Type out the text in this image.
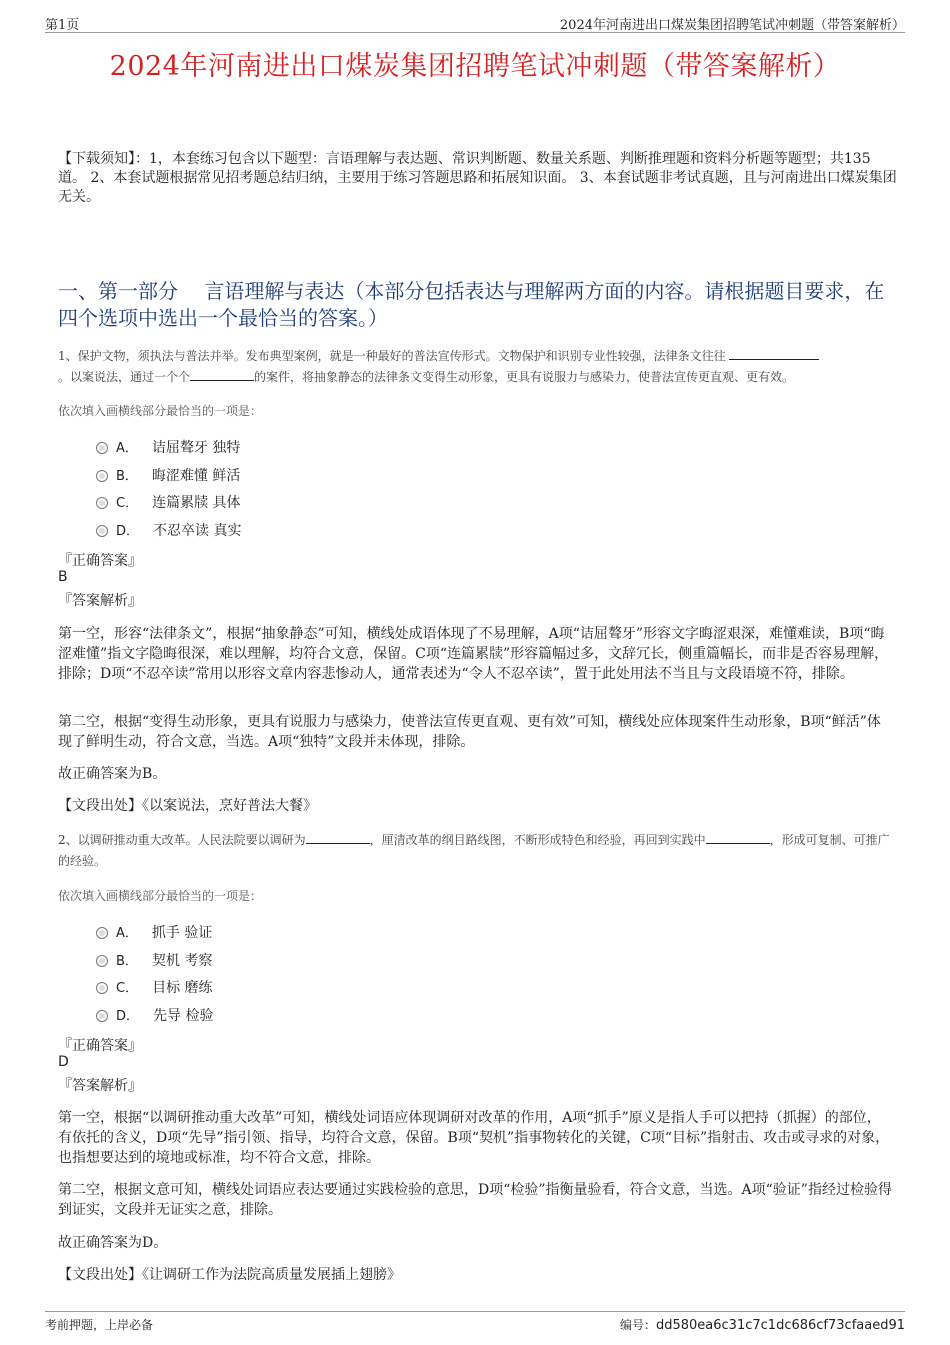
第1页	2024年河南进出口煤炭集团招聘笔试冲刺题（带答案解析）
2024年河南进出口煤炭集团招聘笔试冲刺题（带答案解析）
【下载须知】：1，本套练习包含以下题型：言语理解与表达题、常识判断题、数量关系题、判断推理题和资料分析题等题型；共135道。 2、本套试题根据常见招考题总结归纳，主要用于练习答题思路和拓展知识面。 3、本套试题非考试真题，且与河南进出口煤炭集团无关。
一、第一部分　 言语理解与表达（本部分包括表达与理解两方面的内容。请根据题目要求，在四个选项中选出一个最恰当的答案。）
1、保护文物，须执法与普法并举。发布典型案例，就是一种最好的普法宣传形式。文物保护和识别专业性较强，法律条文往往
。以案说法，通过一个个	的案件，将抽象静态的法律条文变得生动形象，更具有说服力与感染力，使普法宣传更直观、更有效。
依次填入画横线部分最恰当的一项是：
A． 诘屈聱牙 独特
B． 晦涩难懂 鲜活
C． 连篇累牍 具体
D． 不忍卒读 真实
『正确答案』
B
『答案解析』
第一空，形容“法律条文”，根据“抽象静态”可知，横线处成语体现了不易理解，A项“诘屈聱牙”形容文字晦涩艰深，难懂难读，B项“晦涩难懂”指文字隐晦很深，难以理解，均符合文意，保留。C项“连篇累牍”形容篇幅过多，文辞冗长，侧重篇幅长，而非是否容易理解，排除；D项“不忍卒读”常用以形容文章内容悲惨动人，通常表述为“令人不忍卒读”，置于此处用法不当且与文段语境不符，排除。
第二空，根据“变得生动形象，更具有说服力与感染力，使普法宣传更直观、更有效”可知，横线处应体现案件生动形象，B项“鲜活”体现了鲜明生动，符合文意，当选。A项“独特”文段并未体现，排除。
故正确答案为B。
【文段出处】《以案说法，烹好普法大餐》
2、以调研推动重大改革。人民法院要以调研为	，厘清改革的纲目路线图，不断形成特色和经验，再回到实践中	，形成可复制、可推广的经验。
依次填入画横线部分最恰当的一项是：
A． 抓手 验证
B． 契机 考察
C． 目标 磨练
D． 先导 检验
『正确答案』
D
『答案解析』
第一空，根据“以调研推动重大改革”可知，横线处词语应体现调研对改革的作用，A项“抓手”原义是指人手可以把持（抓握）的部位，有依托的含义，D项“先导”指引领、指导，均符合文意，保留。B项“契机”指事物转化的关键，C项“目标”指射击、攻击或寻求的对象，也指想要达到的境地或标准，均不符合文意，排除。
第二空，根据文意可知，横线处词语应表达要通过实践检验的意思，D项“检验”指衡量验看，符合文意，当选。A项“验证”指经过检验得到证实，文段并无证实之意，排除。
故正确答案为D。
【文段出处】《让调研工作为法院高质量发展插上翅膀》
考前押题，上岸必备	编号：dd580ea6c31c7c1dc686cf73cfaaed91
